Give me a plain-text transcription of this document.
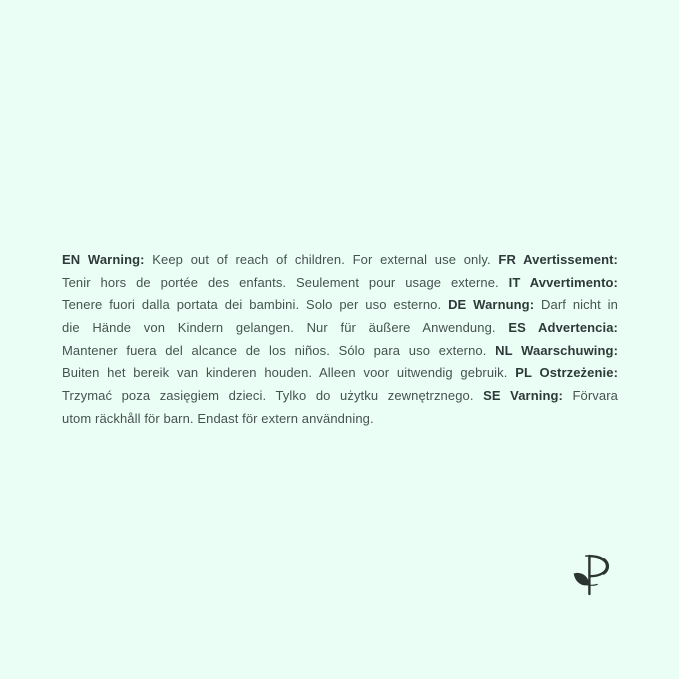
EN Warning: Keep out of reach of children. For external use only. FR Avertissement:
Tenir hors de portée des enfants. Seulement pour usage externe. IT Avvertimento:
Tenere fuori dalla portata dei bambini. Solo per uso esterno. DE Warnung: Darf nicht in
die Hände von Kindern gelangen. Nur für äußere Anwendung. ES Advertencia:
Mantener fuera del alcance de los niños. Sólo para uso externo. NL Waarschuwing:
Buiten het bereik van kinderen houden. Alleen voor uitwendig gebruik. PL Ostrzeżenie:
Trzymać poza zasięgiem dzieci. Tylko do użytku zewnętrznego. SE Varning: Förvara
utom räckhåll för barn. Endast för extern användning.
